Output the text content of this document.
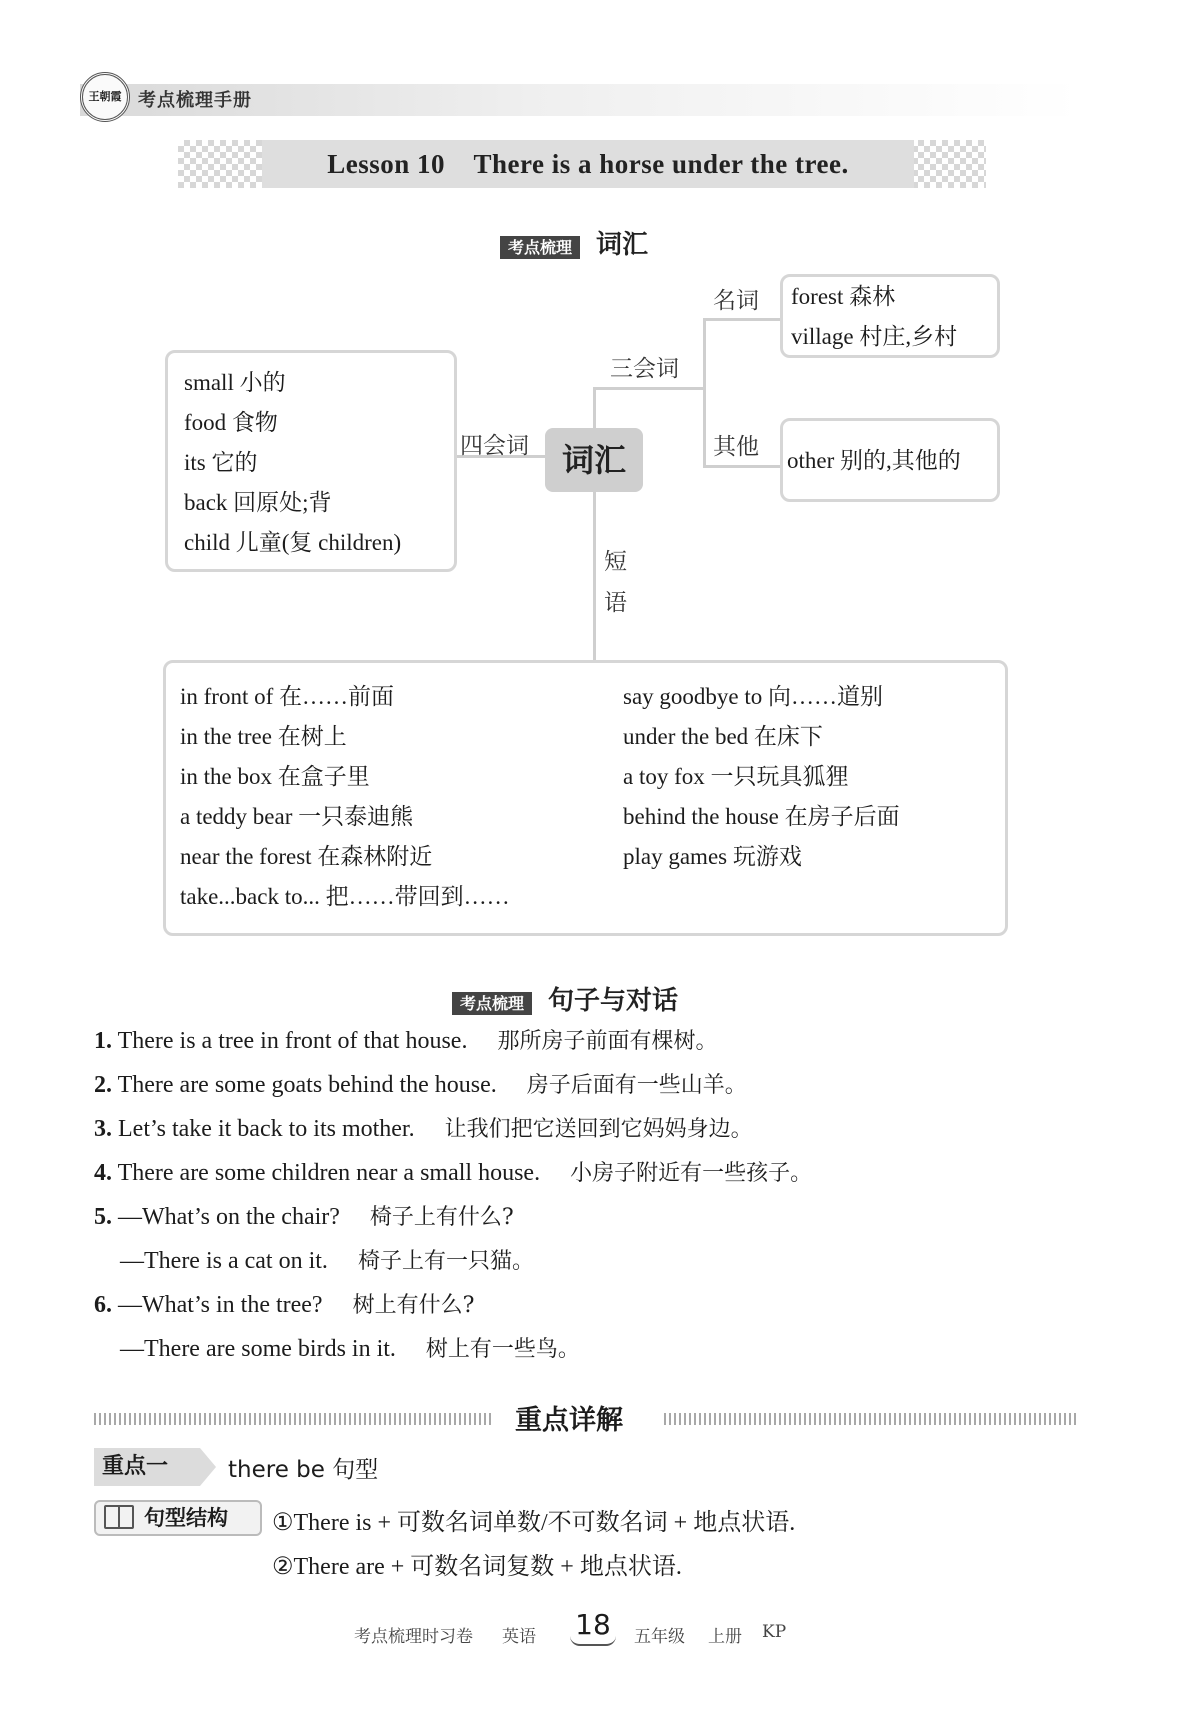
王朝霞 考点梳理手册
Lesson 10    There is a horse under the tree.
考点梳理 词汇
词汇
四会词
small 小的
food 食物
its 它的
back 回原处;背
child 儿童(复 children)
三会词
名词 forest 森林
village 村庄,乡村
其他
other 别的,其他的
短
语
in front of 在……前面
in the tree 在树上
in the box 在盒子里
a teddy bear 一只泰迪熊
near the forest 在森林附近
take...back to... 把……带回到……
say goodbye to 向……道别
under the bed 在床下
a toy fox 一只玩具狐狸
behind the house 在房子后面
play games 玩游戏
考点梳理 句子与对话
1. There is a tree in front of that house. 那所房子前面有棵树。
2. There are some goats behind the house. 房子后面有一些山羊。
3. Let’s take it back to its mother. 让我们把它送回到它妈妈身边。
4. There are some children near a small house. 小房子附近有一些孩子。
5. —What’s on the chair? 椅子上有什么?
—There is a cat on it. 椅子上有一只猫。
6. —What’s in the tree? 树上有什么?
—There are some birds in it. 树上有一些鸟。
重点详解
重点一	there be 句型
句型结构	①There is + 可数名词单数/不可数名词 + 地点状语.
②There are + 可数名词复数 + 地点状语.
考点梳理时习卷 英语 18	五年级 上册 KP
